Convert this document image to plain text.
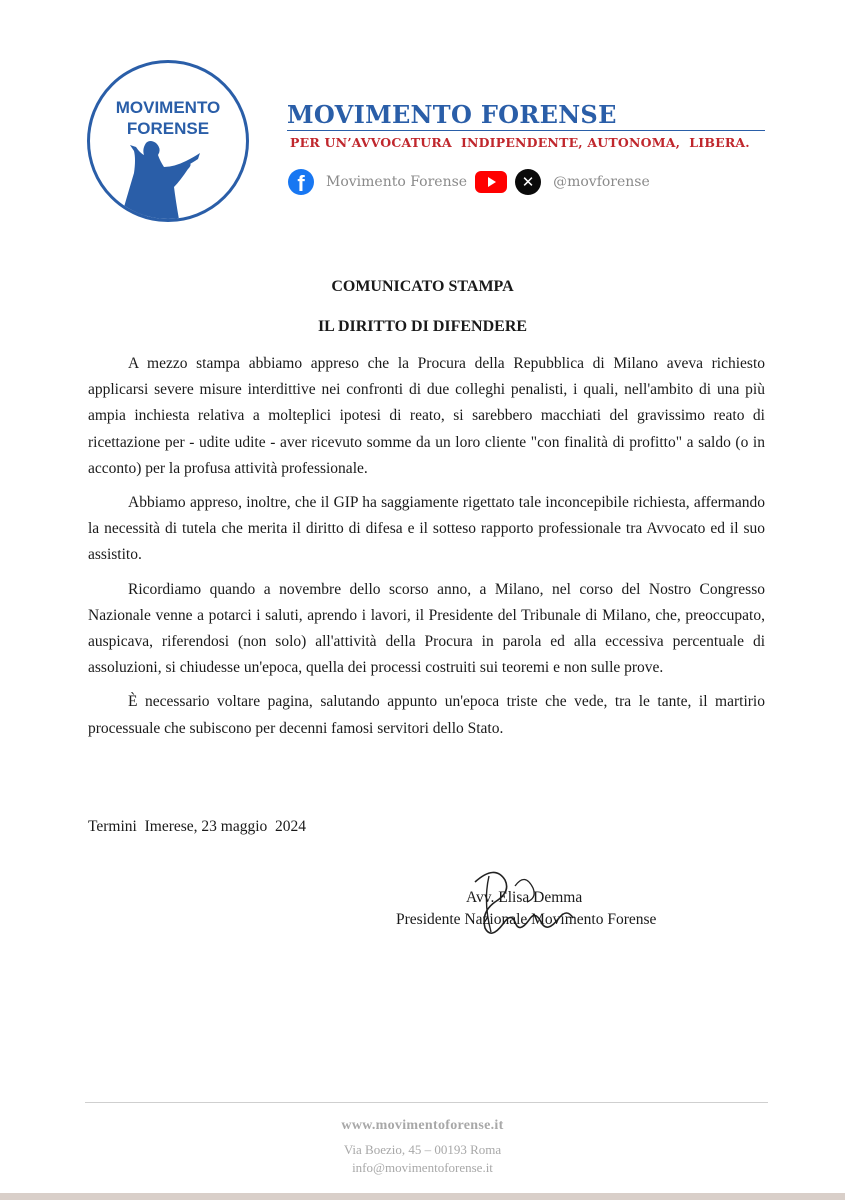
MOVIMENTO
FORENSE	MOVIMENTO FORENSE
PER UN’AVVOCATURA  INDIPENDENTE, AUTONOMA,  LIBERA.
f	Movimento Forense	✕	@movforense
COMUNICATO STAMPA
IL DIRITTO DI DIFENDERE

A mezzo stampa abbiamo appreso che la Procura della Repubblica di Milano aveva richiesto applicarsi severe misure interdittive nei confronti di due colleghi penalisti, i quali, nell'ambito di una più ampia inchiesta relativa a molteplici ipotesi di reato, si sarebbero macchiati del gravissimo reato di ricettazione per - udite udite - aver ricevuto somme da un loro cliente "con finalità di profitto" a saldo (o in acconto) per la profusa attività professionale.

Abbiamo appreso, inoltre, che il GIP ha saggiamente rigettato tale inconcepibile richiesta, affermando la necessità di tutela che merita il diritto di difesa e il sotteso rapporto professionale tra Avvocato ed il suo assistito.

Ricordiamo quando a novembre dello scorso anno, a Milano, nel corso del Nostro Congresso Nazionale venne a potarci i saluti, aprendo i lavori, il Presidente del Tribunale di Milano, che, preoccupato, auspicava, riferendosi (non solo) all'attività della Procura in parola ed alla eccessiva percentuale di assoluzioni, si chiudesse un'epoca, quella dei processi costruiti sui teoremi e non sulle prove.

È necessario voltare pagina, salutando appunto un'epoca triste che vede, tra le tante, il martirio processuale che subiscono per decenni famosi servitori dello Stato.

Termini  Imerese, 23 maggio  2024
Avv. Elisa Demma
Presidente Nazionale Movimento Forense
www.movimentoforense.it
Via Boezio, 45 – 00193 Roma
info@movimentoforense.it
